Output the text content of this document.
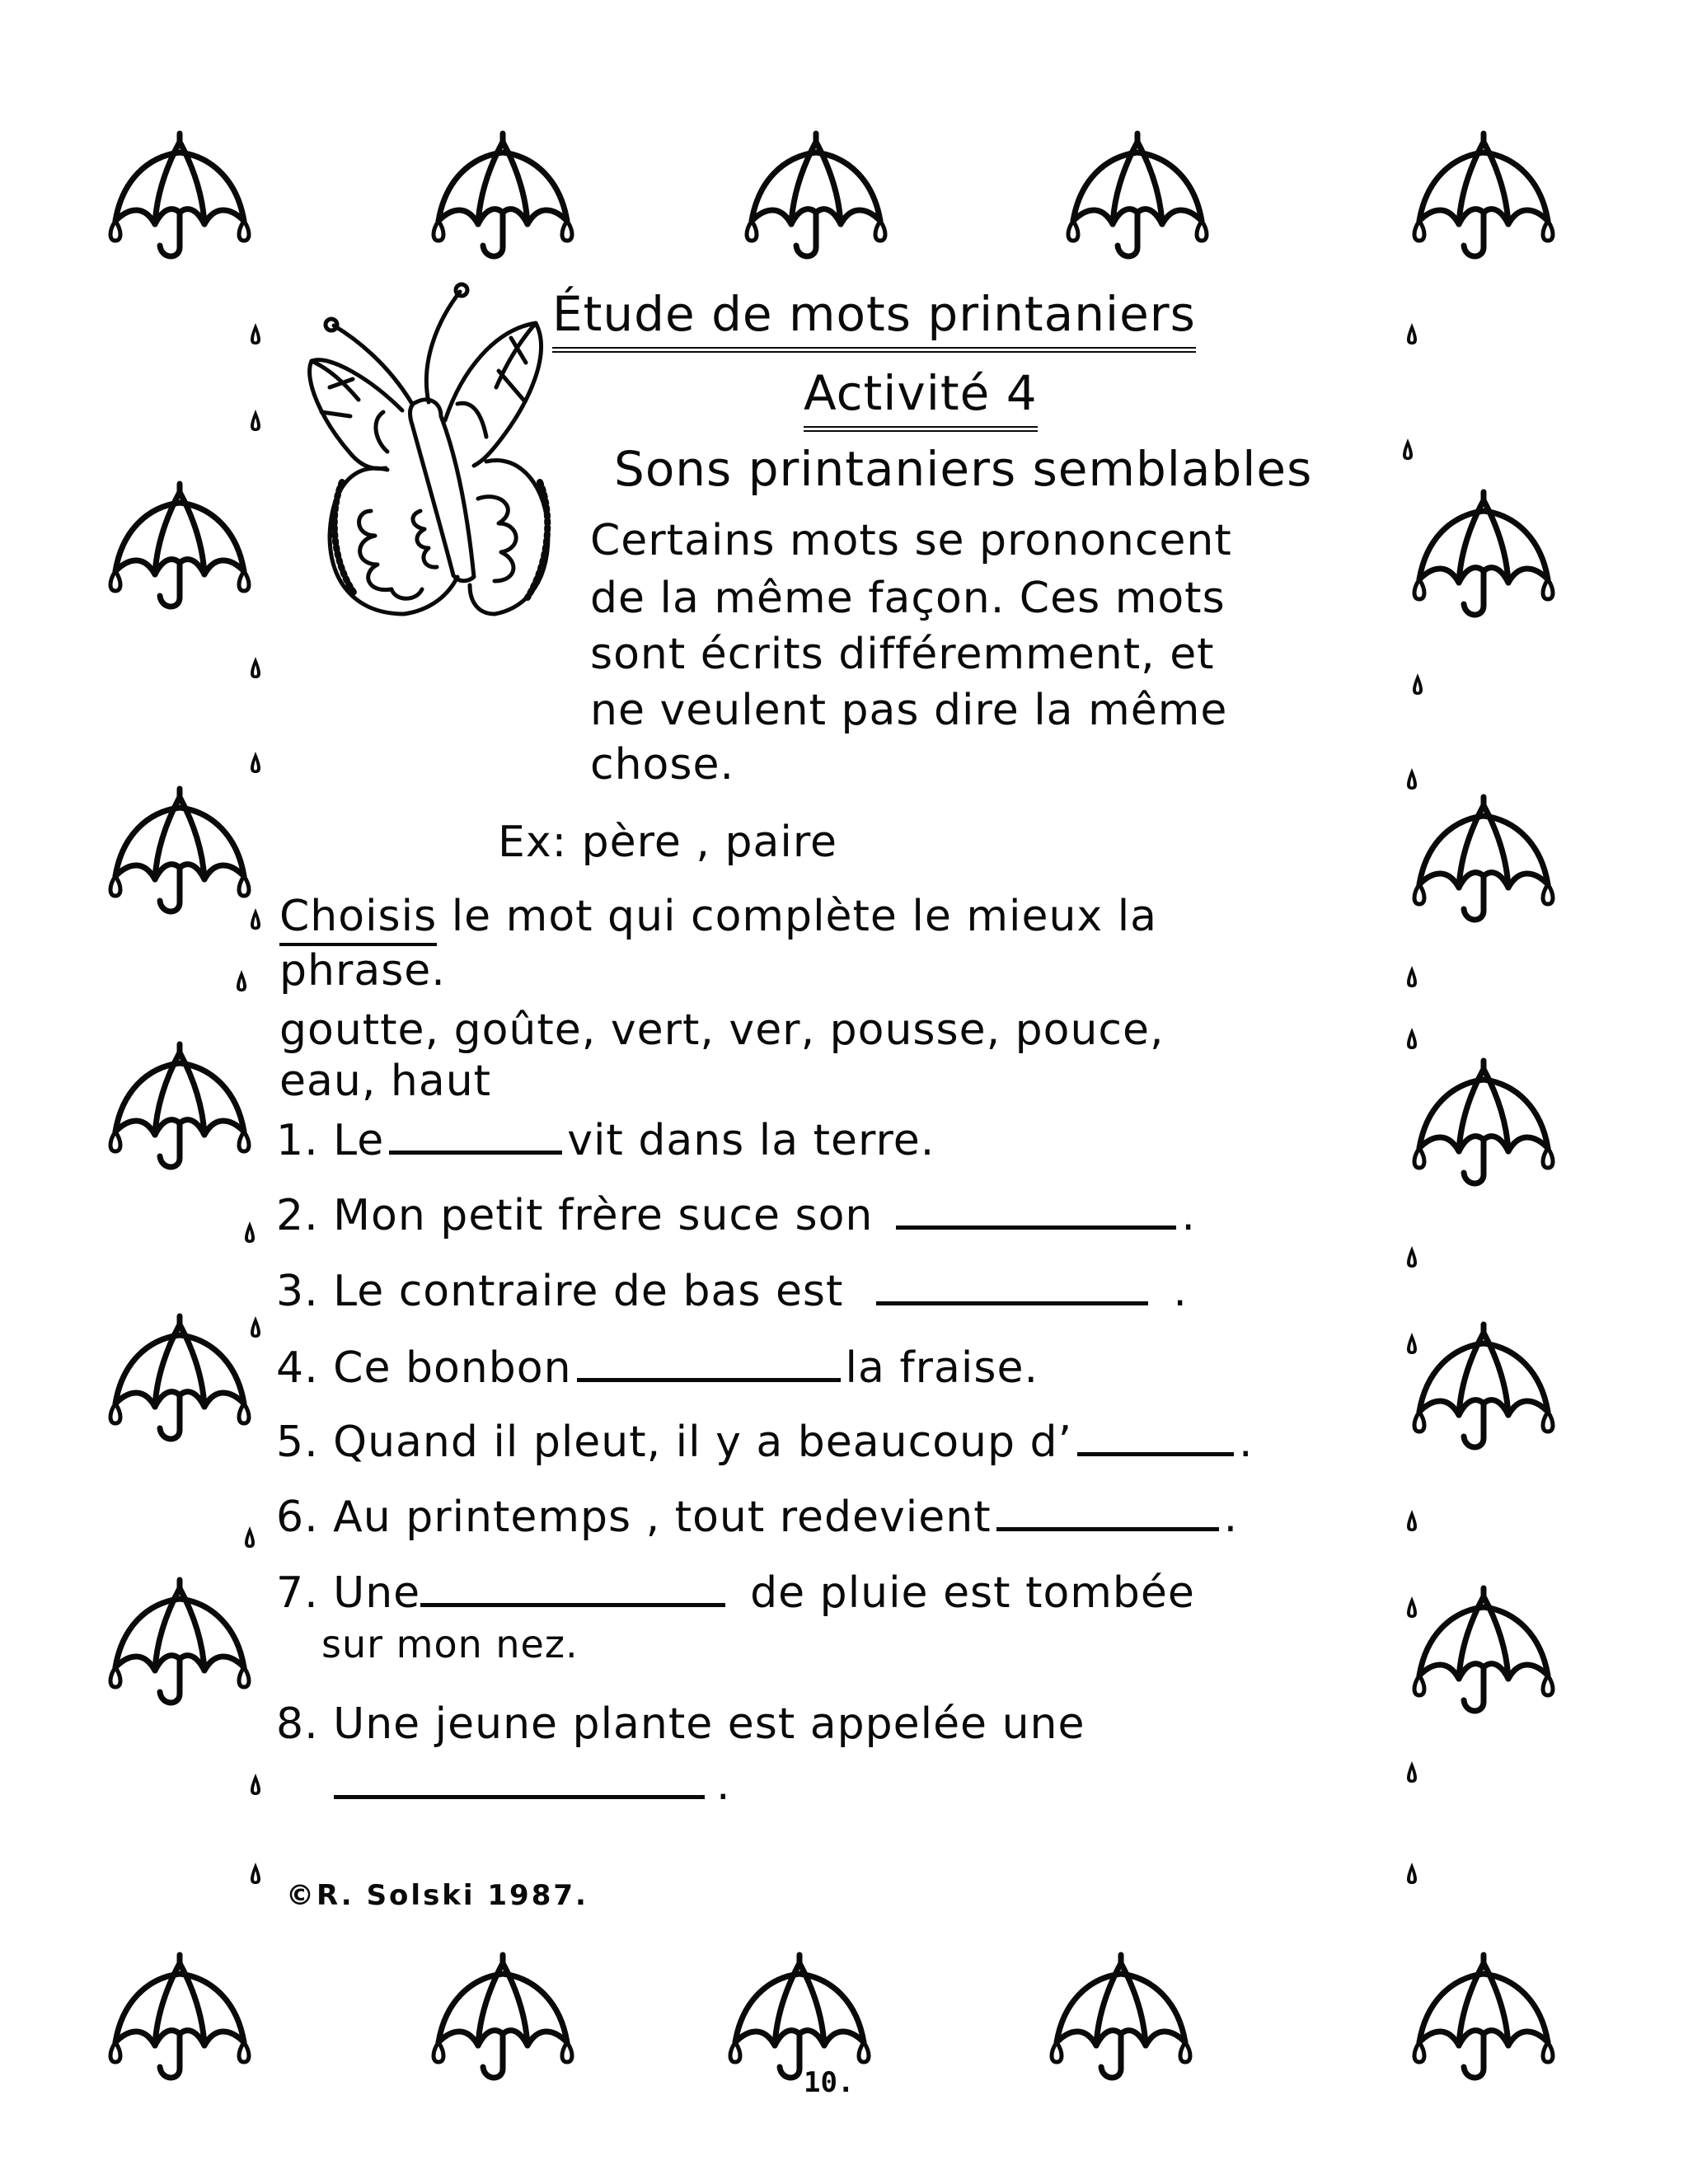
Étude de mots printaniers
Activité 4
Sons printaniers semblables
Certains mots se prononcent
de la même façon. Ces mots
sont écrits différemment, et
ne veulent pas dire la même
chose.
Ex: père , paire
Choisis le mot qui complète le mieux la
phrase.
goutte, goûte, vert, ver, pousse, pouce,
eau, haut
1. Le	vit dans la terre.
2. Mon petit frère suce son	.
3. Le contraire de bas est	.
4. Ce bonbon	la fraise.
5. Quand il pleut, il y a beaucoup d’	.
6. Au printemps , tout redevient	.
7. Une	de pluie est tombée
sur mon nez.
8. Une jeune plante est appelée une
.
©R. Solski 1987.
10.
